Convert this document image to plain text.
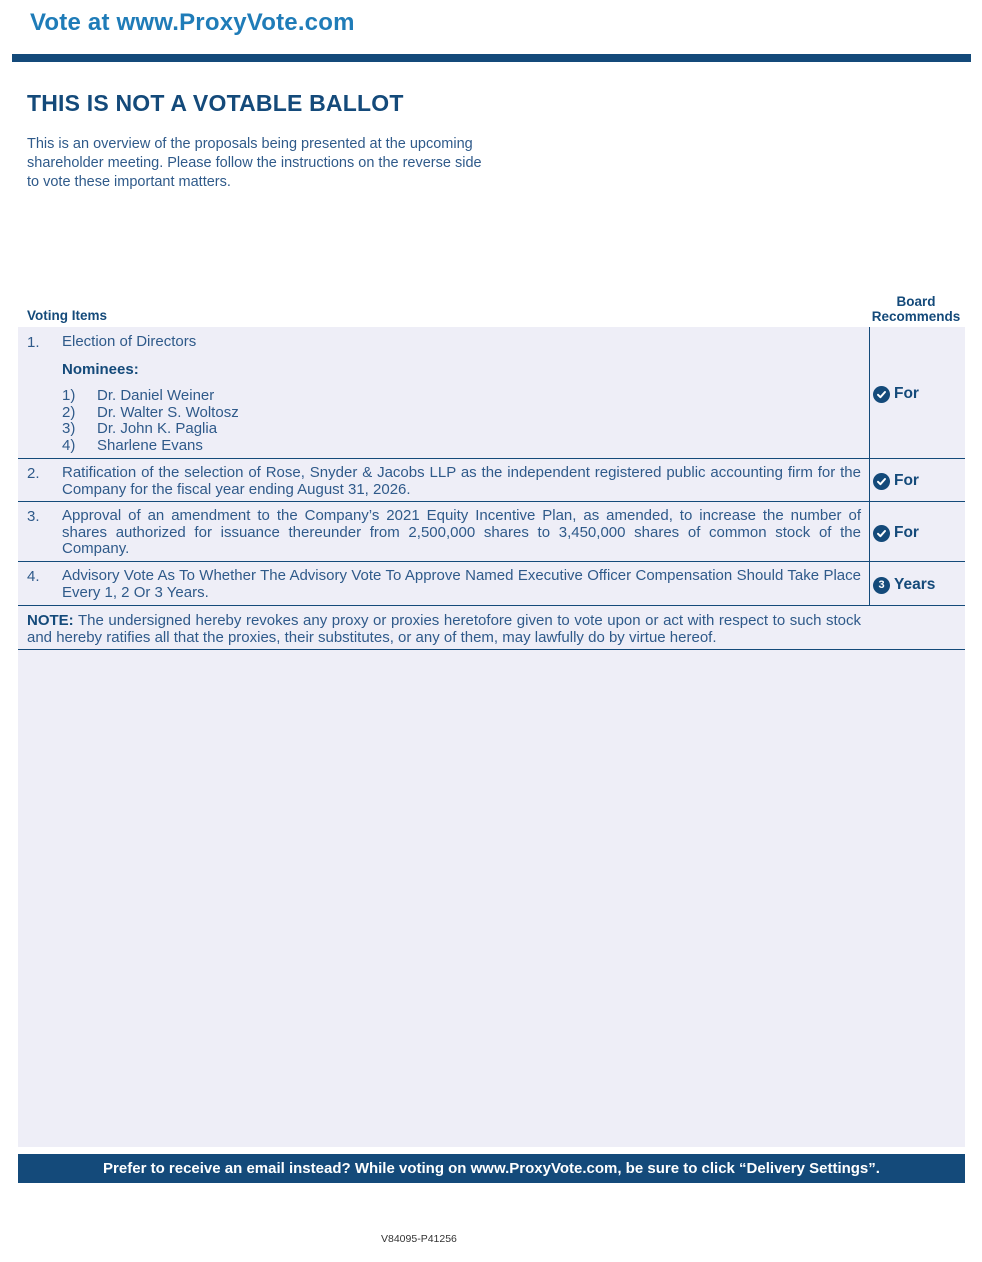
Vote at www.ProxyVote.com
THIS IS NOT A VOTABLE BALLOT
This is an overview of the proposals being presented at the upcoming shareholder meeting. Please follow the instructions on the reverse side to vote these important matters.
Voting Items
Board
Recommends
1. Election of Directors
Nominees:
1) Dr. Daniel Weiner
2) Dr. Walter S. Woltosz
3) Dr. John K. Paglia
4) Sharlene Evans
For
2. Ratification of the selection of Rose, Snyder & Jacobs LLP as the independent registered public accounting firm for the Company for the fiscal year ending August 31, 2026.	For
3. Approval of an amendment to the Company’s 2021 Equity Incentive Plan, as amended, to increase the number of shares authorized for issuance thereunder from 2,500,000 shares to 3,450,000 shares of common stock of the Company.
For
4. Advisory Vote As To Whether The Advisory Vote To Approve Named Executive Officer Compensation Should Take Place Every 1, 2 Or 3 Years.	3 Years
NOTE: The undersigned hereby revokes any proxy or proxies heretofore given to vote upon or act with respect to such stock and hereby ratifies all that the proxies, their substitutes, or any of them, may lawfully do by virtue hereof.
Prefer to receive an email instead? While voting on www.ProxyVote.com, be sure to click “Delivery Settings”.
V84095-P41256
